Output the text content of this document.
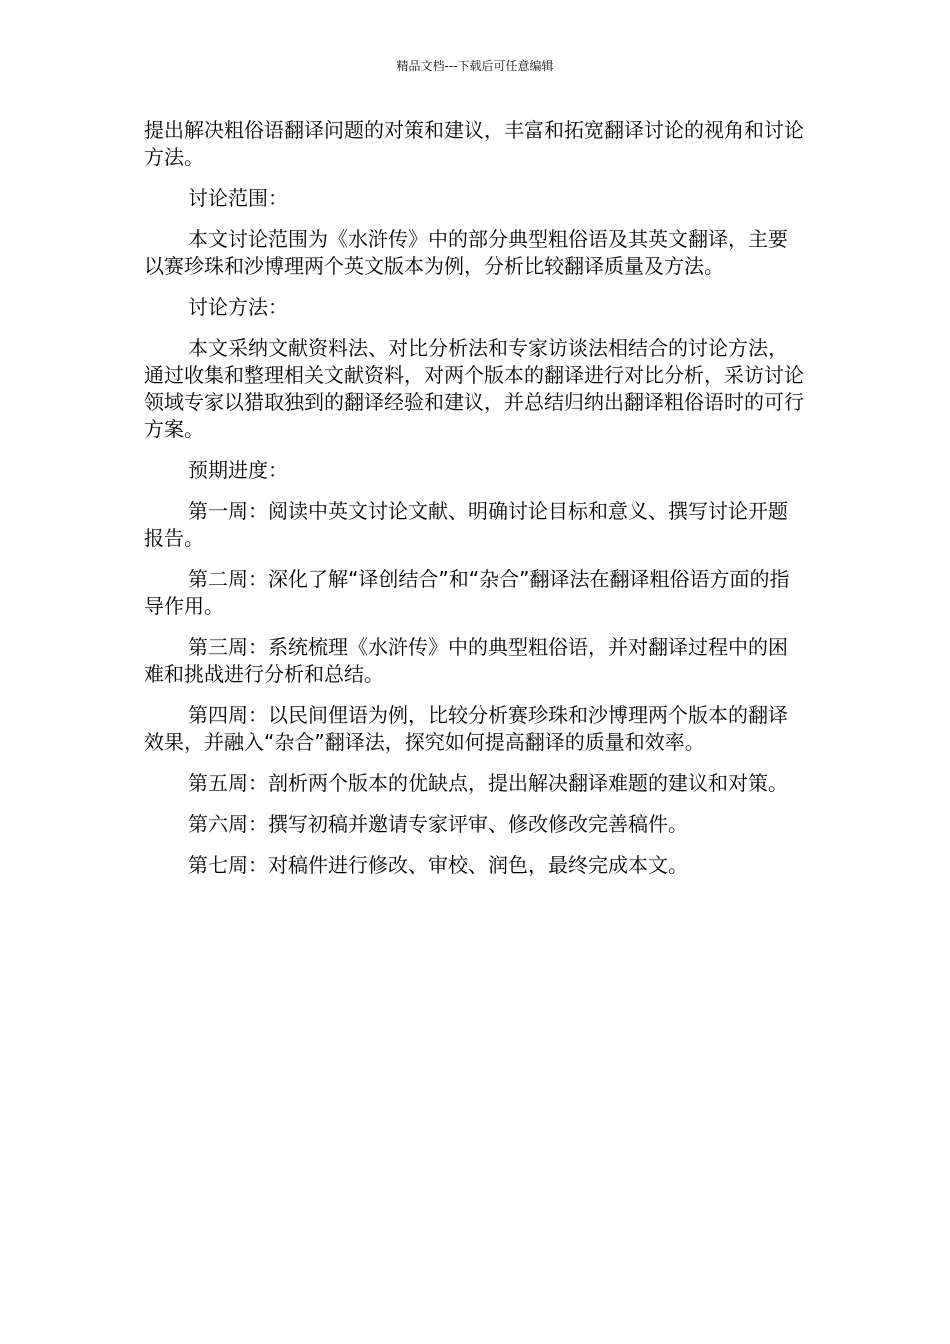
精品文档---下载后可任意编辑

提出解决粗俗语翻译问题的对策和建议，丰富和拓宽翻译讨论的视角和讨论方法。

讨论范围：

本文讨论范围为《水浒传》中的部分典型粗俗语及其英文翻译，主要以赛珍珠和沙博理两个英文版本为例，分析比较翻译质量及方法。

讨论方法：

本文采纳文献资料法、对比分析法和专家访谈法相结合的讨论方法，通过收集和整理相关文献资料，对两个版本的翻译进行对比分析，采访讨论领域专家以猎取独到的翻译经验和建议，并总结归纳出翻译粗俗语时的可行方案。

预期进度：

第一周：阅读中英文讨论文献、明确讨论目标和意义、撰写讨论开题报告。

第二周：深化了解“译创结合”和“杂合”翻译法在翻译粗俗语方面的指导作用。

第三周：系统梳理《水浒传》中的典型粗俗语，并对翻译过程中的困难和挑战进行分析和总结。

第四周：以民间俚语为例，比较分析赛珍珠和沙博理两个版本的翻译效果，并融入“杂合”翻译法，探究如何提高翻译的质量和效率。

第五周：剖析两个版本的优缺点，提出解决翻译难题的建议和对策。

第六周：撰写初稿并邀请专家评审、修改修改完善稿件。

第七周：对稿件进行修改、审校、润色，最终完成本文。
